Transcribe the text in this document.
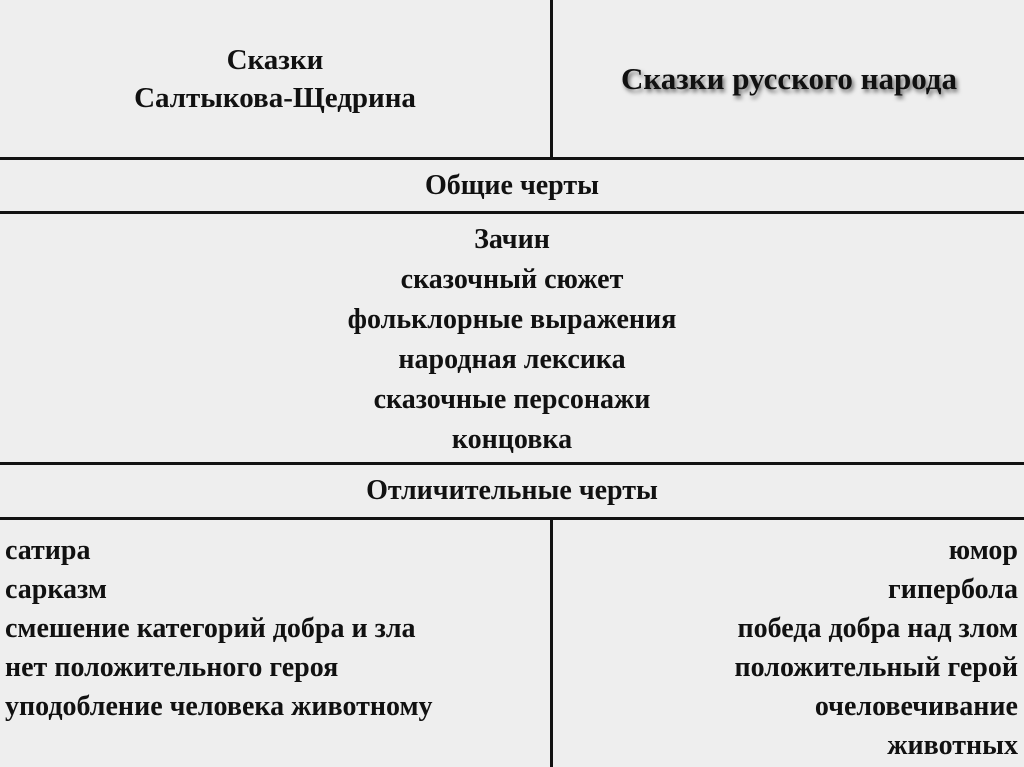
Сказки
Салтыкова-Щедрина
Сказки русского народа
Общие черты
Зачин
сказочный сюжет
фольклорные выражения
народная лексика
сказочные персонажи
концовка
Отличительные черты
сатира
сарказм
смешение категорий добра и зла
нет положительного героя
уподобление человека животному
юмор
гипербола
победа добра над злом
положительный герой
очеловечивание
животных
